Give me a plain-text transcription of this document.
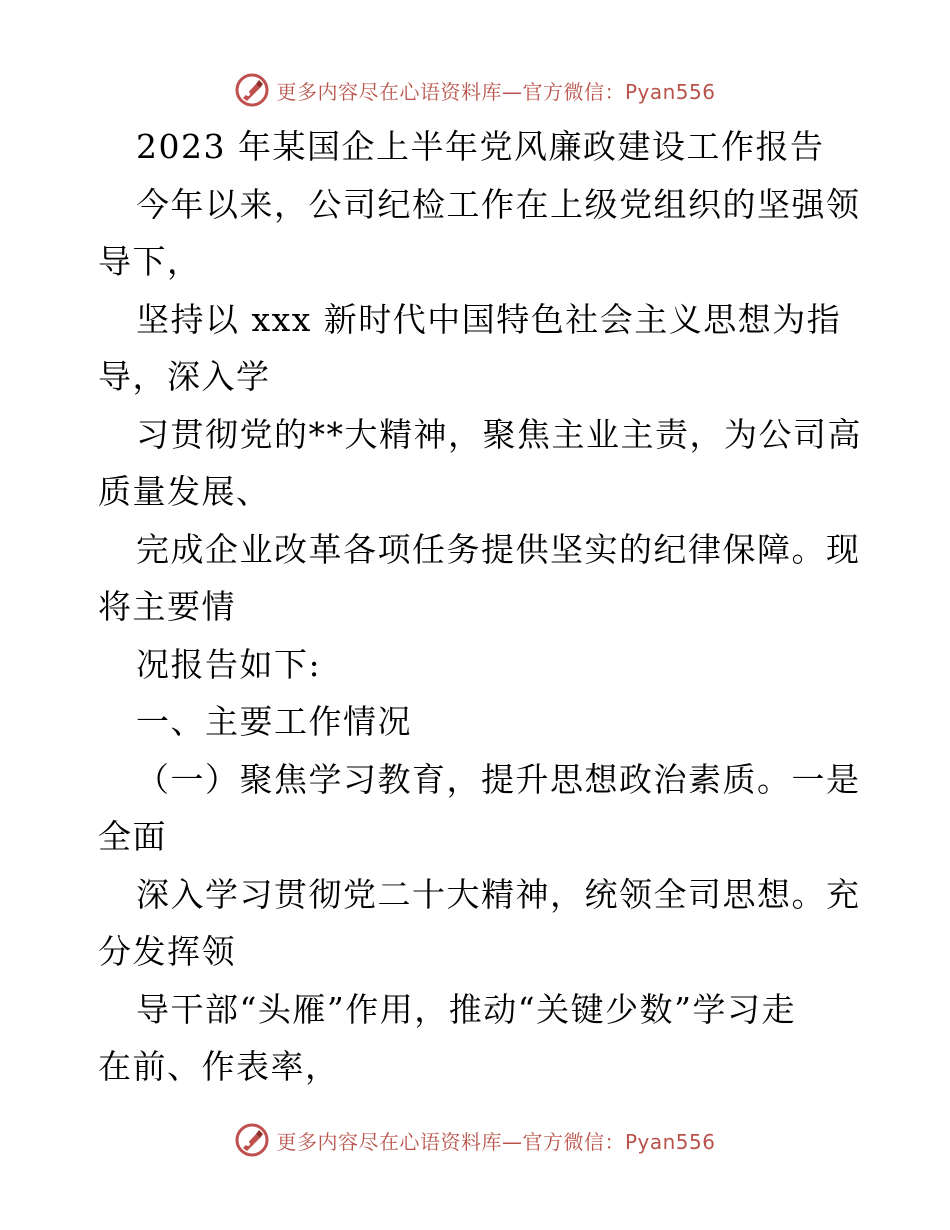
更多内容尽在心语资料库—官方微信：Pyan556
2023 年某国企上半年党风廉政建设工作报告
今年以来，公司纪检工作在上级党组织的坚强领
导下，
坚持以 xxx 新时代中国特色社会主义思想为指
导，深入学
习贯彻党的**大精神，聚焦主业主责，为公司高
质量发展、
完成企业改革各项任务提供坚实的纪律保障。现
将主要情
况报告如下:
一、主要工作情况
（一）聚焦学习教育，提升思想政治素质。一是
全面
深入学习贯彻党二十大精神，统领全司思想。充
分发挥领
导干部“头雁”作用，推动“关键少数”学习走
在前、作表率，
更多内容尽在心语资料库—官方微信：Pyan556
